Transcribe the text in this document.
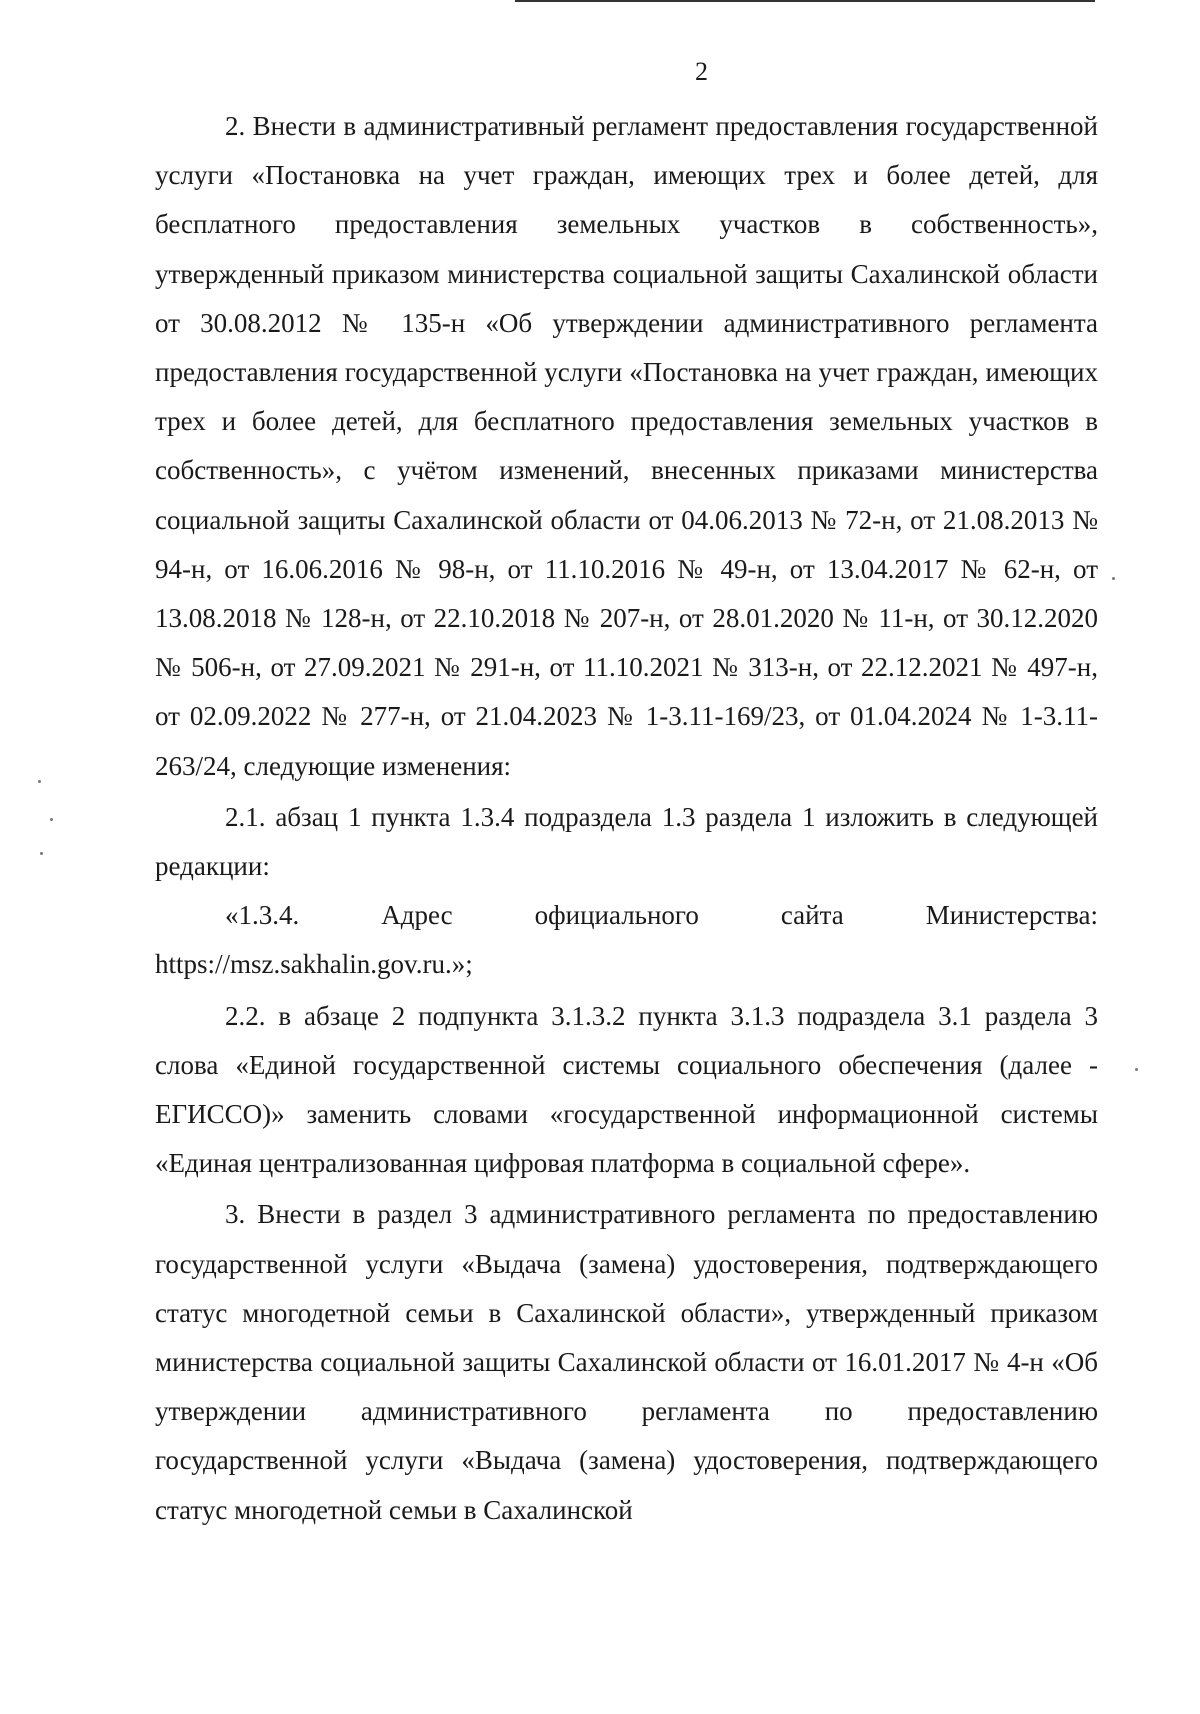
2

2. Внести в административный регламент предоставления государственной услуги «Постановка на учет граждан, имеющих трех и более детей, для бесплатного предоставления земельных участков в собственность», утвержденный приказом министерства социальной защиты Сахалинской области от 30.08.2012 № 135-н «Об утверждении административного регламента предоставления государственной услуги «Постановка на учет граждан, имеющих трех и более детей, для бесплатного предоставления земельных участков в собственность», с учётом изменений, внесенных приказами министерства социальной защиты Сахалинской области от 04.06.2013 № 72-н, от 21.08.2013 № 94-н, от 16.06.2016 № 98-н, от 11.10.2016 № 49-н, от 13.04.2017 № 62-н, от 13.08.2018 № 128-н, от 22.10.2018 № 207-н, от 28.01.2020 № 11-н, от 30.12.2020 № 506-н, от 27.09.2021 № 291-н, от 11.10.2021 № 313-н, от 22.12.2021 № 497-н, от 02.09.2022 № 277-н, от 21.04.2023 № 1-3.11-169/23, от 01.04.2024 № 1-3.11-263/24, следующие изменения:

2.1. абзац 1 пункта 1.3.4 подраздела 1.3 раздела 1 изложить в следующей редакции:

«1.3.4. Адрес официального сайта Министерства:

https://msz.sakhalin.gov.ru.»;

2.2. в абзаце 2 подпункта 3.1.3.2 пункта 3.1.3 подраздела 3.1 раздела 3 слова «Единой государственной системы социального обеспечения (далее - ЕГИССО)» заменить словами «государственной информационной системы «Единая централизованная цифровая платформа в социальной сфере».

3. Внести в раздел 3 административного регламента по предоставлению государственной услуги «Выдача (замена) удостоверения, подтверждающего статус многодетной семьи в Сахалинской области», утвержденный приказом министерства социальной защиты Сахалинской области от 16.01.2017 № 4-н «Об утверждении административного регламента по предоставлению государственной услуги «Выдача (замена) удостоверения, подтверждающего статус многодетной семьи в Сахалинской
